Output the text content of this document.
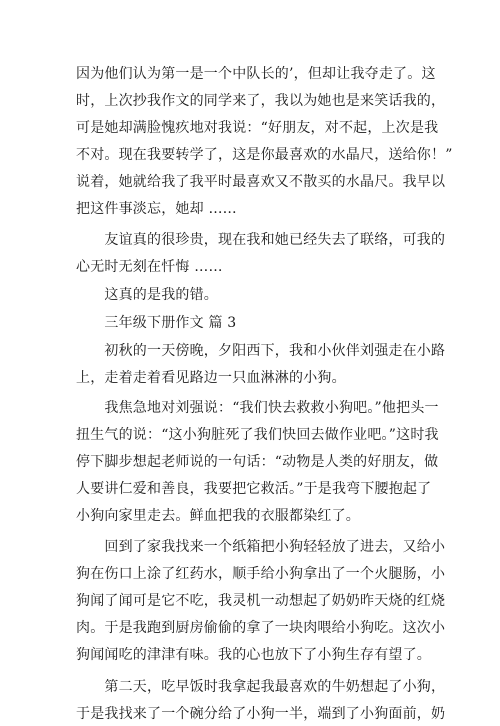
因为他们认为第一是一个中队长的’，但却让我夺走了。这
时，上次抄我作文的同学来了，我以为她也是来笑话我的，
可是她却满脸愧疚地对我说：“好朋友，对不起，上次是我
不对。现在我要转学了，这是你最喜欢的水晶尺，送给你！”
说着，她就给我了我平时最喜欢又不散买的水晶尺。我早以
把这件事淡忘，她却 ……
　　友谊真的很珍贵，现在我和她已经失去了联络，可我的
心无时无刻在忏悔 ……
　　这真的是我的错。
　　三年级下册作文 篇 3
　　初秋的一天傍晚，夕阳西下，我和小伙伴刘强走在小路
上，走着走着看见路边一只血淋淋的小狗。
　　我焦急地对刘强说：“我们快去救救小狗吧。”他把头一
扭生气的说：“这小狗脏死了我们快回去做作业吧。”这时我
停下脚步想起老师说的一句话：“动物是人类的好朋友，做
人要讲仁爱和善良，我要把它救活。”于是我弯下腰抱起了
小狗向家里走去。鲜血把我的衣服都染红了。
　　回到了家我找来一个纸箱把小狗轻轻放了进去，又给小
狗在伤口上涂了红药水，顺手给小狗拿出了一个火腿肠，小
狗闻了闻可是它不吃，我灵机一动想起了奶奶昨天烧的红烧
肉。于是我跑到厨房偷偷的拿了一块肉喂给小狗吃。这次小
狗闻闻吃的津津有味。我的心也放下了小狗生存有望了。
　　第二天，吃早饭时我拿起我最喜欢的牛奶想起了小狗，
于是我找来了一个碗分给了小狗一半，端到了小狗面前，奶
